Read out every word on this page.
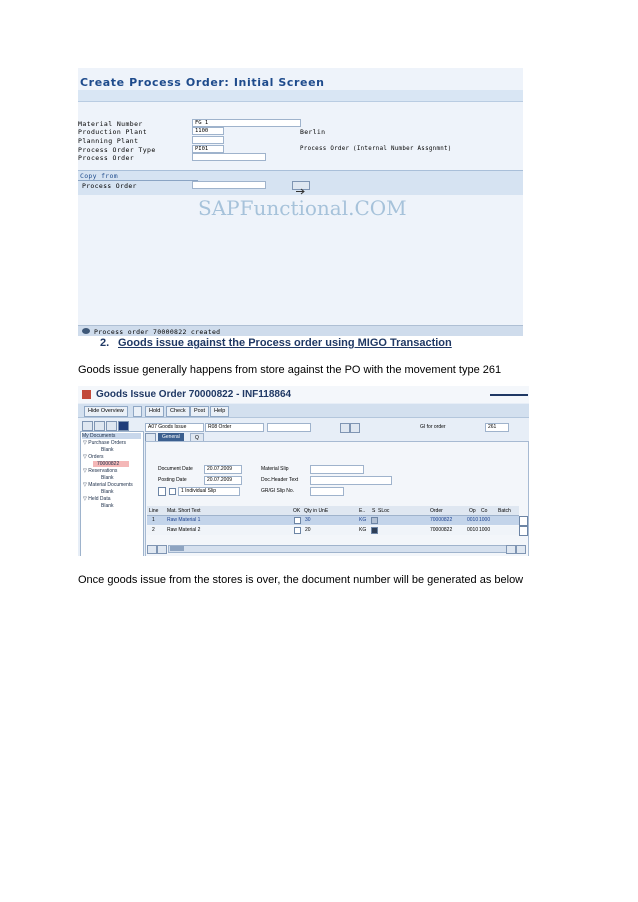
Create Process Order: Initial Screen
Material Number	FG 1
Production Plant	1100	Berlin
Planning Plant
Process Order Type	PI01	Process Order (Internal Number Assgnmnt)
Process Order
Copy from
Process Order
SAPFunctional.COM
Process order 70000822 created
2. Goods issue against the Process order using MIGO Transaction
Goods issue generally happens from store against the PO with the movement type 261
Goods Issue Order 70000822 - INF118864
Hide Overview	Hold	Check	Post	Help
My Documents
▽ Purchase Orders
Blank
▽ Orders
70000822
▽ Reservations
Blank
▽ Material Documents
Blank
▽ Held Data
Blank
A07 Goods Issue	R08 Order	GI for order	261
General	Q
Document Date	20.07.2009
Posting Date	20.07.2009
1 Individual Slip
Material Slip
Doc.Header Text
GR/GI Slip No.
Line Mat. Short Text	OK Qty in UnE	E.. S SLoc	Order	Op Co Batch
1 Raw Material 1	30	KG	70000822	0010 1000
2 Raw Material 2	20	KG	70000822	0010 1000
Once goods issue from the stores is over, the document number will be generated as below
